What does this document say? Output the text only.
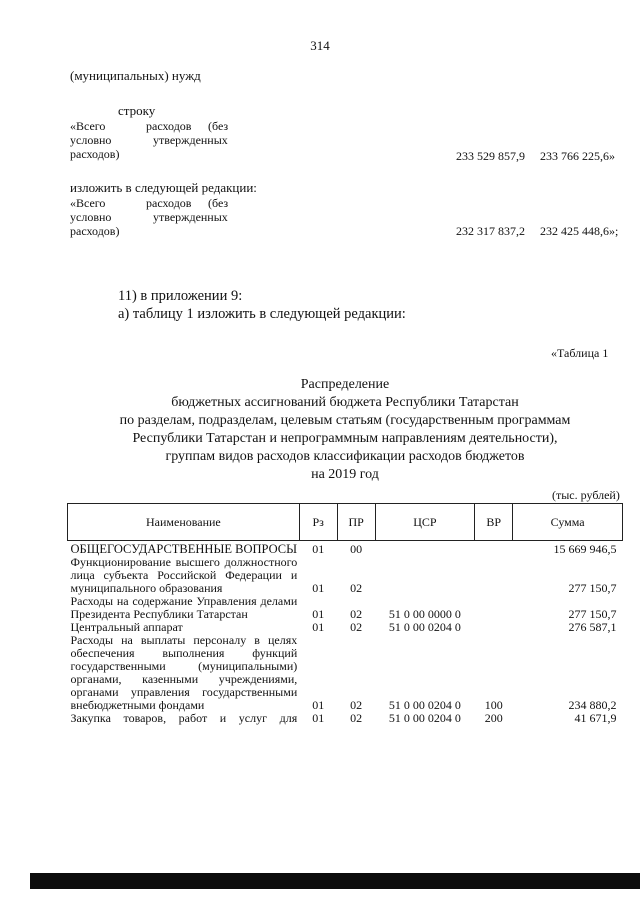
314
(муниципальных) нужд
строку
«Всего	расходов (без
условно	утвержденных
расходов)	233 529 857,9 233 766 225,6»
изложить в следующей редакции:
«Всего	расходов (без
условно	утвержденных
расходов)	232 317 837,2 232 425 448,6»;
11) в приложении 9:
а) таблицу 1 изложить в следующей редакции:
«Таблица 1
Распределение
бюджетных ассигнований бюджета Республики Татарстан
по разделам, подразделам, целевым статьям (государственным программам
Республики Татарстан и непрограммным направлениям деятельности),
группам видов расходов классификации расходов бюджетов
на 2019 год
(тыс. рублей)
Наименование	Рз	ПР	ЦСР	ВР	Сумма
ОБЩЕГОСУДАРСТВЕННЫЕ ВОПРОСЫ	01	00			15 669 946,5
Функционирование высшего должностного лица субъекта Российской Федерации и муниципального образования	01	02			277 150,7
Расходы на содержание Управления делами Президента Республики Татарстан	01	02	51 0 00 0000 0		277 150,7
Центральный аппарат	01	02	51 0 00 0204 0		276 587,1
Расходы на выплаты персоналу в целях обеспечения выполнения функций государственными (муниципальными) органами, казенными учреждениями, органами управления государственными внебюджетными фондами	01	02	51 0 00 0204 0	100	234 880,2
Закупка товаров, работ и услуг для	01	02	51 0 00 0204 0	200	41 671,9
